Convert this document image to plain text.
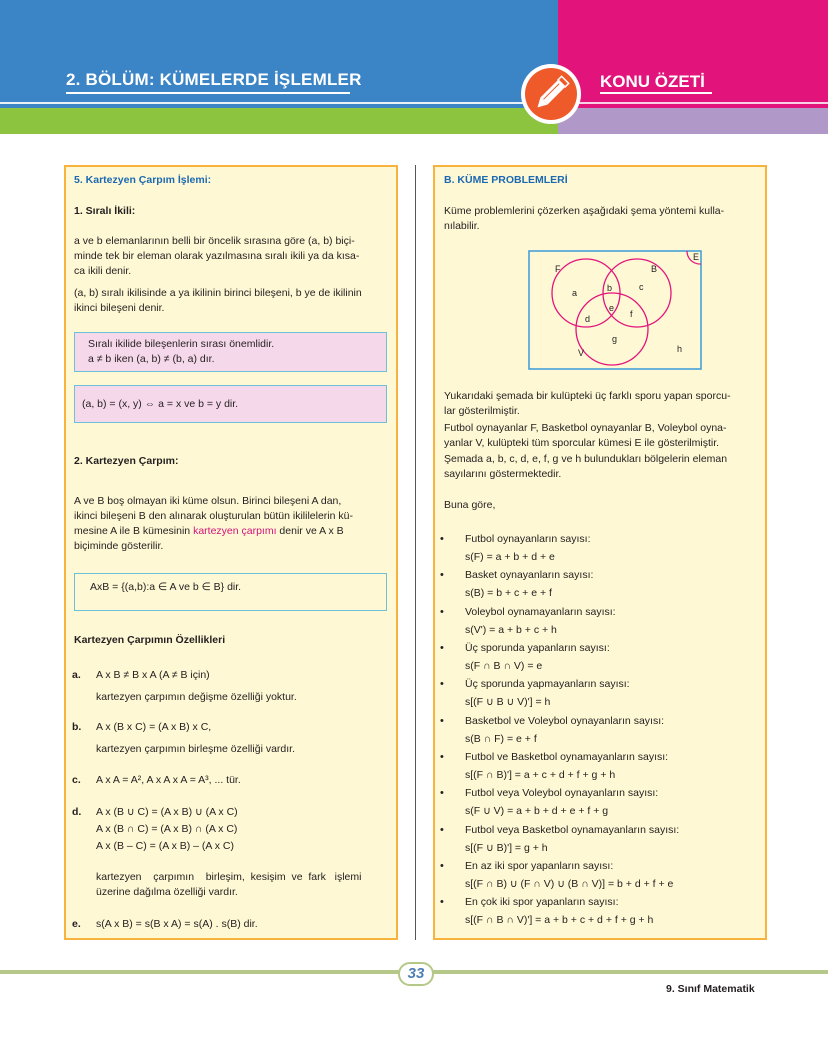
2. BÖLÜM: KÜMELERDE İŞLEMLER	KONU ÖZETİ
5. Kartezyen Çarpım İşlemi:
1. Sıralı İkili:
a ve b elemanlarının belli bir öncelik sırasına göre (a, b) biçi-
minde tek bir eleman olarak yazılmasına sıralı ikili ya da kısa-
ca ikili denir.
(a, b) sıralı ikilisinde a ya ikilinin birinci bileşeni, b ye de ikilinin
ikinci bileşeni denir.
Sıralı ikilide bileşenlerin sırası önemlidir.
a ≠ b iken (a, b) ≠ (b, a) dır.
(a, b) = (x, y) ⇔ a = x ve b = y dir.
2. Kartezyen Çarpım:
A ve B boş olmayan iki küme olsun. Birinci bileşeni A dan,
ikinci bileşeni B den alınarak oluşturulan bütün ikililelerin kü-
mesine A ile B kümesinin kartezyen çarpımı denir ve A x B
biçiminde gösterilir.
AxB = {(a,b):a ∈ A ve b ∈ B} dir.
Kartezyen Çarpımın Özellikleri
a. A x B ≠ B x A (A ≠ B için)
kartezyen çarpımın değişme özelliği yoktur.
b. A x (B x C) = (A x B) x C,
kartezyen çarpımın birleşme özelliği vardır.
c. A x A = A², A x A x A = A³, ... tür.
d. A x (B ∪ C) = (A x B) ∪ (A x C)
A x (B ∩ C) = (A x B) ∩ (A x C)
A x (B – C) = (A x B) – (A x C)
kartezyen    çarpımın    birleşim,  kesişim  ve  fark   işlemi
üzerine dağılma özelliği vardır.
e. s(A x B) = s(B x A) = s(A) . s(B) dir.
B. KÜME PROBLEMLERİ
Küme problemlerini çözerken aşağıdaki şema yöntemi kulla-
nılabilir.
F	B
V
E
a	b	c
d
e
f
g
h
Yukarıdaki şemada bir kulüpteki üç farklı sporu yapan sporcu-
lar gösterilmiştir.
Futbol oynayanlar F, Basketbol oynayanlar B, Voleybol oyna-
yanlar V, kulüpteki tüm sporcular kümesi E ile gösterilmiştir.
Şemada a, b, c, d, e, f, g ve h bulundukları bölgelerin eleman
sayılarını göstermektedir.
Buna göre,
• Futbol oynayanların sayısı:
s(F) = a + b + d + e
• Basket oynayanların sayısı:
s(B) = b + c + e + f
• Voleybol oynamayanların sayısı:
s(V') = a + b + c + h
• Üç sporunda yapanların sayısı:
s(F ∩ B ∩ V) = e
• Üç sporunda yapmayanların sayısı:
s[(F ∪ B ∪ V)'] = h
• Basketbol ve Voleybol oynayanların sayısı:
s(B ∩ F) = e + f
• Futbol ve Basketbol oynamayanların sayısı:
s[(F ∩ B)'] = a + c + d + f + g + h
• Futbol veya Voleybol oynayanların sayısı:
s(F ∪ V) = a + b + d + e + f + g
• Futbol veya Basketbol oynamayanların sayısı:
s[(F ∪ B)'] = g + h
• En az iki spor yapanların sayısı:
s[(F ∩ B) ∪ (F ∩ V) ∪ (B ∩ V)] = b + d + f + e
• En çok iki spor yapanların sayısı:
s[(F ∩ B ∩ V)'] = a + b + c + d + f + g + h
33
9. Sınıf Matematik
